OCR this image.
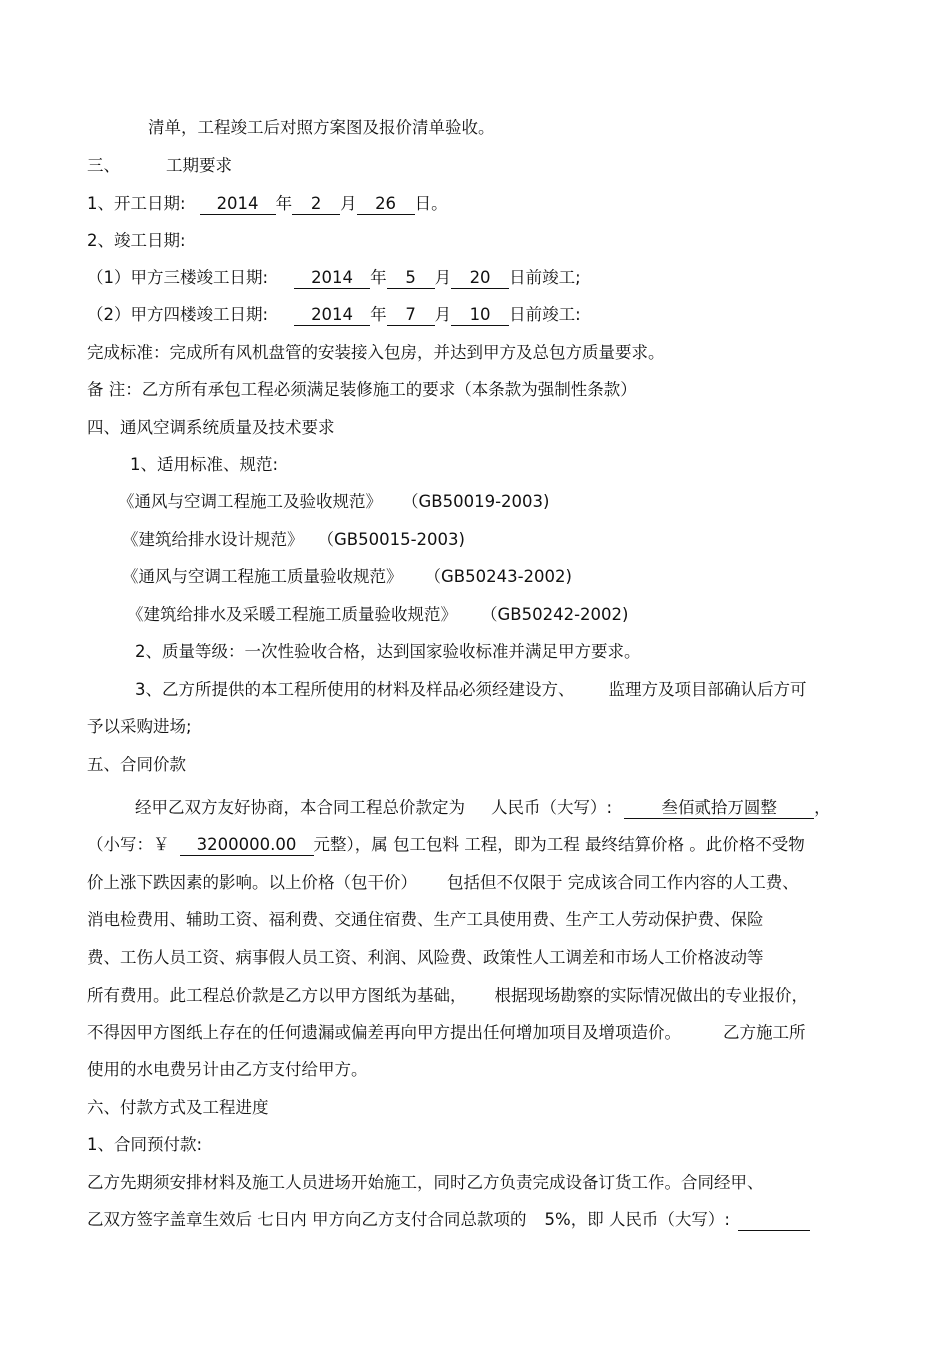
清单，工程竣工后对照方案图及报价清单验收。
三、	工期要求
1、开工日期: 2014 年 2 月 26 日。
2、竣工日期:
（1）甲方三楼竣工日期:	2014 年 5 月 20 日前竣工;
（2）甲方四楼竣工日期:	2014 年 7 月 10 日前竣工:
完成标准：完成所有风机盘管的安装接入包房，并达到甲方及总包方质量要求。
备 注：乙方所有承包工程必须满足装修施工的要求（本条款为强制性条款）
四、通风空调系统质量及技术要求
1、适用标准、规范:
《通风与空调工程施工及验收规范》 （GB50019-2003)
《建筑给排水设计规范》 （GB50015-2003)
《通风与空调工程施工质量验收规范》 （GB50243-2002)
《建筑给排水及采暖工程施工质量验收规范》 （GB50242-2002)
2、质量等级：一次性验收合格，达到国家验收标准并满足甲方要求。
3、乙方所提供的本工程所使用的材料及样品必须经建设方、 监理方及项目部确认后方可
予以采购进场;
五、合同价款
经甲乙双方友好协商，本合同工程总价款定为 人民币（大写）:	叁佰贰拾万圆整 ，
（小写：￥ 3200000.00 元整），属 包工包料 工程，即为工程 最终结算价格 。此价格不受物
价上涨下跌因素的影响。以上价格（包干价） 包括但不仅限于 完成该合同工作内容的人工费、
消电检费用、辅助工资、福利费、交通住宿费、生产工具使用费、生产工人劳动保护费、保险
费、工伤人员工资、病事假人员工资、利润、风险费、政策性人工调差和市场人工价格波动等
所有费用。此工程总价款是乙方以甲方图纸为基础， 根据现场勘察的实际情况做出的专业报价，
不得因甲方图纸上存在的任何遗漏或偏差再向甲方提出任何增加项目及增项造价。	乙方施工所
使用的水电费另计由乙方支付给甲方。
六、付款方式及工程进度
1、合同预付款:
乙方先期须安排材料及施工人员进场开始施工，同时乙方负责完成设备订货工作。合同经甲、
乙双方签字盖章生效后 七日内 甲方向乙方支付合同总款项的 5%，即 人民币（大写）:
